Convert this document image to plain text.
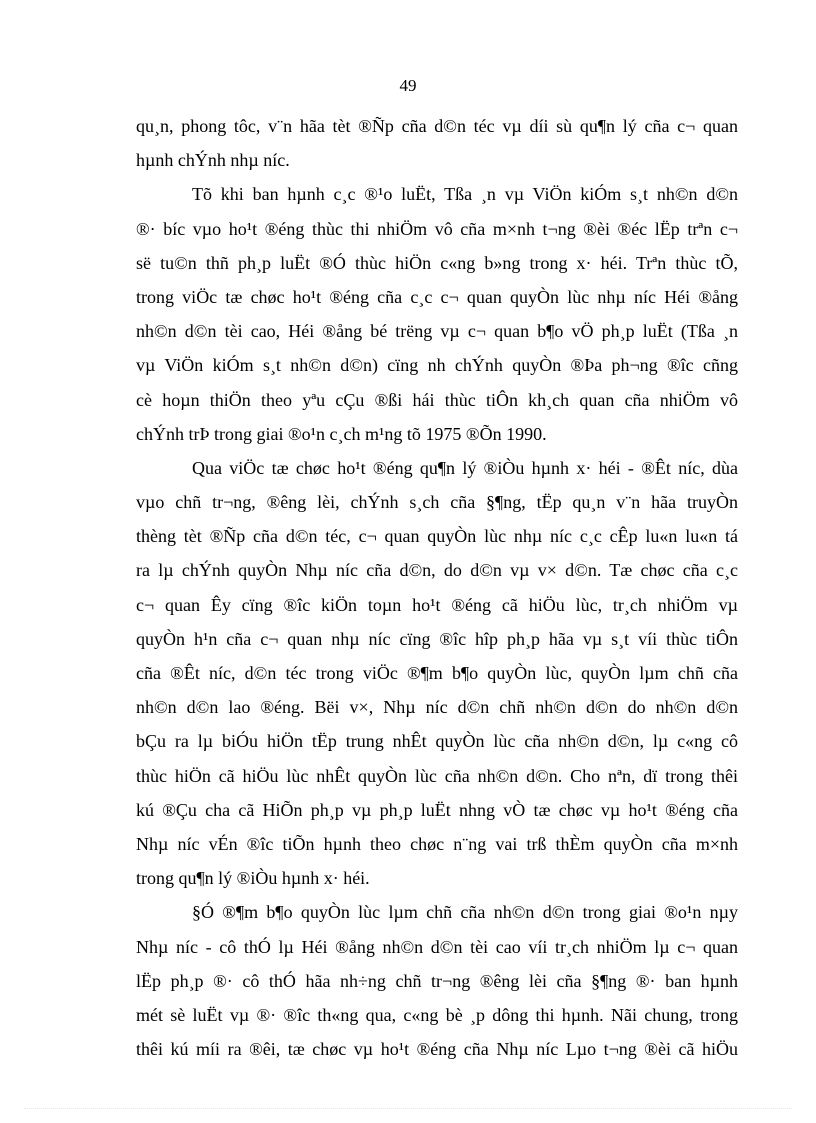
49
qu¸n, phong tôc, v¨n hãa tèt ®Ñp cña d©n téc vµ díi sù qu¶n lý cña c¬ quan
hµnh chÝnh nhµ níc.
Tõ khi ban hµnh c¸c ®¹o luËt, Tßa ¸n vµ ViÖn kiÓm s¸t nh©n d©n
®· bíc vµo ho¹t ®éng thùc thi nhiÖm vô cña m×nh t¬ng ®èi ®éc lËp trªn c¬
së tu©n thñ ph¸p luËt ®Ó thùc hiÖn c«ng b»ng trong x· héi. Trªn thùc tÕ,
trong viÖc tæ chøc ho¹t ®éng cña c¸c c¬ quan quyÒn lùc nhµ níc Héi ®ång
nh©n d©n tèi cao, Héi ®ång bé trëng vµ c¬ quan b¶o vÖ ph¸p luËt (Tßa ¸n
vµ ViÖn kiÓm s¸t nh©n d©n) cïng nh chÝnh quyÒn ®Þa ph¬ng ®îc cñng
cè hoµn thiÖn theo yªu cÇu ®ßi hái thùc tiÔn kh¸ch quan cña nhiÖm vô
chÝnh trÞ trong giai ®o¹n c¸ch m¹ng tõ 1975 ®Õn 1990.
Qua viÖc tæ chøc ho¹t ®éng qu¶n lý ®iÒu hµnh x· héi - ®Êt níc, dùa
vµo chñ tr¬ng, ®êng lèi, chÝnh s¸ch cña §¶ng, tËp qu¸n v¨n hãa truyÒn
thèng tèt ®Ñp cña d©n téc, c¬ quan quyÒn lùc nhµ níc c¸c cÊp lu«n lu«n tá
ra lµ chÝnh quyÒn Nhµ níc cña d©n, do d©n vµ v× d©n. Tæ chøc cña c¸c
c¬ quan Êy cïng ®îc kiÖn toµn ho¹t ®éng cã hiÖu lùc, tr¸ch nhiÖm vµ
quyÒn h¹n cña c¬ quan nhµ níc cïng ®îc hîp ph¸p hãa vµ s¸t víi thùc tiÔn
cña ®Êt níc, d©n téc trong viÖc ®¶m b¶o quyÒn lùc, quyÒn lµm chñ cña
nh©n d©n lao ®éng. Bëi v×, Nhµ níc d©n chñ nh©n d©n do nh©n d©n
bÇu ra lµ biÓu hiÖn tËp trung nhÊt quyÒn lùc cña nh©n d©n, lµ c«ng cô
thùc hiÖn cã hiÖu lùc nhÊt quyÒn lùc cña nh©n d©n. Cho nªn, dï trong thêi
kú ®Çu cha cã HiÕn ph¸p vµ ph¸p luËt nhng vÒ tæ chøc vµ ho¹t ®éng cña
Nhµ níc vÉn ®îc tiÕn hµnh theo chøc n¨ng vai trß thÈm quyÒn cña m×nh
trong qu¶n lý ®iÒu hµnh x· héi.
§Ó ®¶m b¶o quyÒn lùc lµm chñ cña nh©n d©n trong giai ®o¹n nµy
Nhµ níc - cô thÓ lµ Héi ®ång nh©n d©n tèi cao víi tr¸ch nhiÖm lµ c¬ quan
lËp ph¸p ®· cô thÓ hãa nh÷ng chñ tr¬ng ®êng lèi cña §¶ng ®· ban hµnh
mét sè luËt vµ ®· ®îc th«ng qua, c«ng bè ¸p dông thi hµnh. Nãi chung, trong
thêi kú míi ra ®êi, tæ chøc vµ ho¹t ®éng cña Nhµ níc Lµo t¬ng ®èi cã hiÖu
